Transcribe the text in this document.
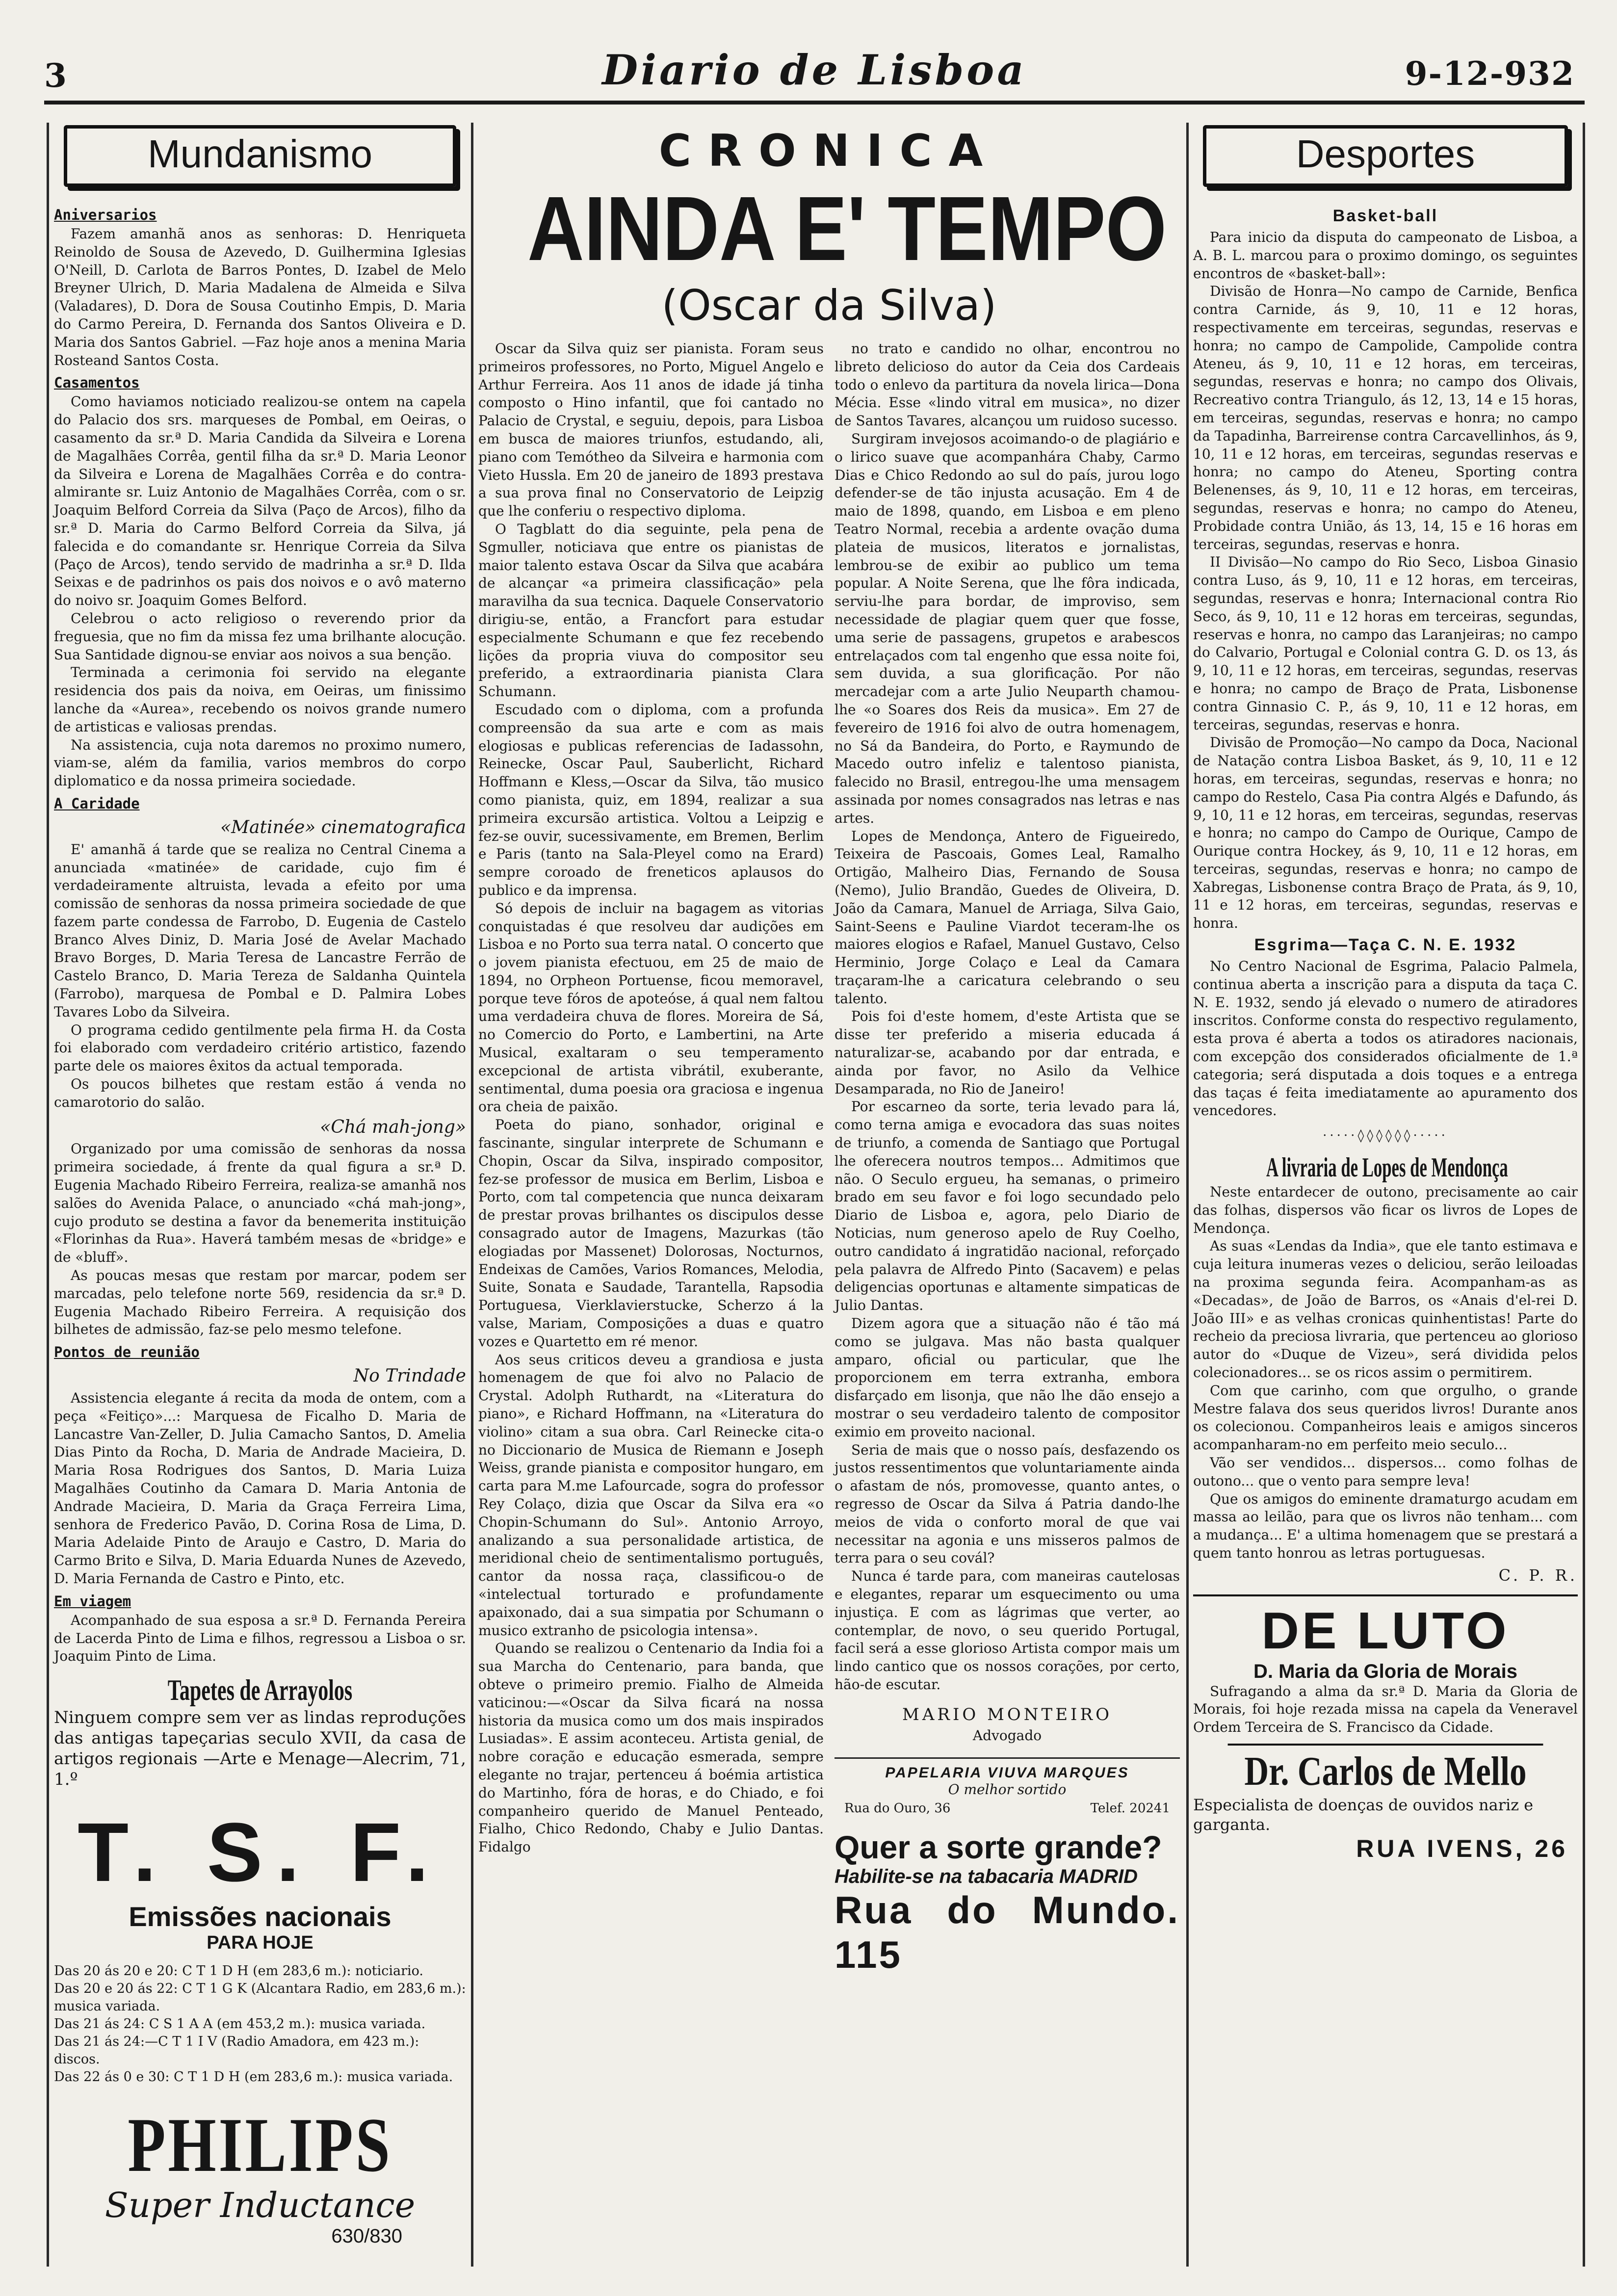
3	Diario de Lisboa	9-12-932
Mundanismo
Aniversarios

Fazem amanhã anos as senhoras: D. Henriqueta Reinoldo de Sousa de Azevedo, D. Guilhermina Iglesias O'Neill, D. Carlota de Barros Pontes, D. Izabel de Melo Breyner Ulrich, D. Maria Madalena de Almeida e Silva (Valadares), D. Dora de Sousa Coutinho Empis, D. Maria do Carmo Pereira, D. Fernanda dos Santos Oliveira e D. Maria dos Santos Gabriel. —Faz hoje anos a menina Maria Rosteand Santos Costa.

Casamentos

Como haviamos noticiado realizou-se ontem na capela do Palacio dos srs. marqueses de Pombal, em Oeiras, o casamento da sr.ª D. Maria Candida da Silveira e Lorena de Magalhães Corrêa, gentil filha da sr.ª D. Maria Leonor da Silveira e Lorena de Magalhães Corrêa e do contra-almirante sr. Luiz Antonio de Magalhães Corrêa, com o sr. Joaquim Belford Correia da Silva (Paço de Arcos), filho da sr.ª D. Maria do Carmo Belford Correia da Silva, já falecida e do comandante sr. Henrique Correia da Silva (Paço de Arcos), tendo servido de madrinha a sr.ª D. Ilda Seixas e de padrinhos os pais dos noivos e o avô materno do noivo sr. Joaquim Gomes Belford.

Celebrou o acto religioso o reverendo prior da freguesia, que no fim da missa fez uma brilhante alocução. Sua Santidade dignou-se enviar aos noivos a sua benção.

Terminada a cerimonia foi servido na elegante residencia dos pais da noiva, em Oeiras, um finissimo lanche da «Aurea», recebendo os noivos grande numero de artisticas e valiosas prendas.

Na assistencia, cuja nota daremos no proximo numero, viam-se, além da familia, varios membros do corpo diplomatico e da nossa primeira sociedade.

A Caridade
«Matinée» cinematografica

E' amanhã á tarde que se realiza no Central Cinema a anunciada «matinée» de caridade, cujo fim é verdadeiramente altruista, levada a efeito por uma comissão de senhoras da nossa primeira sociedade de que fazem parte condessa de Farrobo, D. Eugenia de Castelo Branco Alves Diniz, D. Maria José de Avelar Machado Bravo Borges, D. Maria Teresa de Lancastre Ferrão de Castelo Branco, D. Maria Tereza de Saldanha Quintela (Farrobo), marquesa de Pombal e D. Palmira Lobes Tavares Lobo da Silveira.

O programa cedido gentilmente pela firma H. da Costa foi elaborado com verdadeiro critério artistico, fazendo parte dele os maiores êxitos da actual temporada.

Os poucos bilhetes que restam estão á venda no camarotorio do salão.

«Chá mah-jong»

Organizado por uma comissão de senhoras da nossa primeira sociedade, á frente da qual figura a sr.ª D. Eugenia Machado Ribeiro Ferreira, realiza-se amanhã nos salões do Avenida Palace, o anunciado «chá mah-jong», cujo produto se destina a favor da benemerita instituição «Florinhas da Rua». Haverá também mesas de «bridge» e de «bluff».

As poucas mesas que restam por marcar, podem ser marcadas, pelo telefone norte 569, residencia da sr.ª D. Eugenia Machado Ribeiro Ferreira. A requisição dos bilhetes de admissão, faz-se pelo mesmo telefone.

Pontos de reunião
No Trindade

Assistencia elegante á recita da moda de ontem, com a peça «Feitiço»...: Marquesa de Ficalho D. Maria de Lancastre Van-Zeller, D. Julia Camacho Santos, D. Amelia Dias Pinto da Rocha, D. Maria de Andrade Macieira, D. Maria Rosa Rodrigues dos Santos, D. Maria Luiza Magalhães Coutinho da Camara D. Maria Antonia de Andrade Macieira, D. Maria da Graça Ferreira Lima, senhora de Frederico Pavão, D. Corina Rosa de Lima, D. Maria Adelaide Pinto de Araujo e Castro, D. Maria do Carmo Brito e Silva, D. Maria Eduarda Nunes de Azevedo, D. Maria Fernanda de Castro e Pinto, etc.

Em viagem

Acompanhado de sua esposa a sr.ª D. Fernanda Pereira de Lacerda Pinto de Lima e filhos, regressou a Lisboa o sr. Joaquim Pinto de Lima.

Tapetes de Arrayolos
Ninguem compre sem ver as lindas reproduções das antigas tapeçarias seculo XVII, da casa de artigos regionais —Arte e Menage—Alecrim, 71, 1.º
T. S. F.
Emissões nacionais
PARA HOJE
Das 20 ás 20 e 20: C T 1 D H (em 283,6 m.): noticiario.
Das 20 e 20 ás 22: C T 1 G K (Alcantara Radio, em 283,6 m.): musica variada.
Das 21 ás 24: C S 1 A A (em 453,2 m.): musica variada.
Das 21 ás 24:—C T 1 I V (Radio Amadora, em 423 m.): discos.
Das 22 ás 0 e 30: C T 1 D H (em 283,6 m.): musica variada.
PHILIPS
Super Inductance
630/830
CRONICA
AINDA E' TEMPO
(Oscar da Silva)

Oscar da Silva quiz ser pianista. Foram seus primeiros professores, no Porto, Miguel Angelo e Arthur Ferreira. Aos 11 anos de idade já tinha composto o Hino infantil, que foi cantado no Palacio de Crystal, e seguiu, depois, para Lisboa em busca de maiores triunfos, estudando, ali, piano com Temótheo da Silveira e harmonia com Vieto Hussla. Em 20 de janeiro de 1893 prestava a sua prova final no Conservatorio de Leipzig que lhe conferiu o respectivo diploma.

O Tagblatt do dia seguinte, pela pena de Sgmuller, noticiava que entre os pianistas de maior talento estava Oscar da Silva que acabára de alcançar «a primeira classificação» pela maravilha da sua tecnica. Daquele Conservatorio dirigiu-se, então, a Francfort para estudar especialmente Schumann e que fez recebendo lições da propria viuva do compositor seu preferido, a extraordinaria pianista Clara Schumann.

Escudado com o diploma, com a profunda compreensão da sua arte e com as mais elogiosas e publicas referencias de Iadassohn, Reinecke, Oscar Paul, Sauberlicht, Richard Hoffmann e Kless,—Oscar da Silva, tão musico como pianista, quiz, em 1894, realizar a sua primeira excursão artistica. Voltou a Leipzig e fez-se ouvir, sucessivamente, em Bremen, Berlim e Paris (tanto na Sala-Pleyel como na Erard) sempre coroado de freneticos aplausos do publico e da imprensa.

Só depois de incluir na bagagem as vitorias conquistadas é que resolveu dar audições em Lisboa e no Porto sua terra natal. O concerto que o jovem pianista efectuou, em 25 de maio de 1894, no Orpheon Portuense, ficou memoravel, porque teve fóros de apoteóse, á qual nem faltou uma verdadeira chuva de flores. Moreira de Sá, no Comercio do Porto, e Lambertini, na Arte Musical, exaltaram o seu temperamento excepcional de artista vibrátil, exuberante, sentimental, duma poesia ora graciosa e ingenua ora cheia de paixão.

Poeta do piano, sonhador, original e fascinante, singular interprete de Schumann e Chopin, Oscar da Silva, inspirado compositor, fez-se professor de musica em Berlim, Lisboa e Porto, com tal competencia que nunca deixaram de prestar provas brilhantes os discipulos desse consagrado autor de Imagens, Mazurkas (tão elogiadas por Massenet) Dolorosas, Nocturnos, Endeixas de Camões, Varios Romances, Melodia, Suite, Sonata e Saudade, Tarantella, Rapsodia Portuguesa, Vierklavierstucke, Scherzo á la valse, Mariam, Composições a duas e quatro vozes e Quartetto em ré menor.

Aos seus criticos deveu a grandiosa e justa homenagem de que foi alvo no Palacio de Crystal. Adolph Ruthardt, na «Literatura do piano», e Richard Hoffmann, na «Literatura do violino» citam a sua obra. Carl Reinecke cita-o no Diccionario de Musica de Riemann e Joseph Weiss, grande pianista e compositor hungaro, em carta para M.me Lafourcade, sogra do professor Rey Colaço, dizia que Oscar da Silva era «o Chopin-Schumann do Sul». Antonio Arroyo, analizando a sua personalidade artistica, de meridional cheio de sentimentalismo português, cantor da nossa raça, classificou-o de «intelectual torturado e profundamente apaixonado, dai a sua simpatia por Schumann o musico extranho de psicologia intensa».

Quando se realizou o Centenario da India foi a sua Marcha do Centenario, para banda, que obteve o primeiro premio. Fialho de Almeida vaticinou:—«Oscar da Silva ficará na nossa historia da musica como um dos mais inspirados Lusiadas». E assim aconteceu. Artista genial, de nobre coração e educação esmerada, sempre elegante no trajar, pertenceu á boémia artistica do Martinho, fóra de horas, e do Chiado, e foi companheiro querido de Manuel Penteado, Fialho, Chico Redondo, Chaby e Julio Dantas. Fidalgo

no trato e candido no olhar, encontrou no libreto delicioso do autor da Ceia dos Cardeais todo o enlevo da partitura da novela lirica—Dona Mécia. Esse «lindo vitral em musica», no dizer de Santos Tavares, alcançou um ruidoso sucesso.

Surgiram invejosos acoimando-o de plagiário e o lirico suave que acompanhára Chaby, Carmo Dias e Chico Redondo ao sul do país, jurou logo defender-se de tão injusta acusação. Em 4 de maio de 1898, quando, em Lisboa e em pleno Teatro Normal, recebia a ardente ovação duma plateia de musicos, literatos e jornalistas, lembrou-se de exibir ao publico um tema popular. A Noite Serena, que lhe fôra indicada, serviu-lhe para bordar, de improviso, sem necessidade de plagiar quem quer que fosse, uma serie de passagens, grupetos e arabescos entrelaçados com tal engenho que essa noite foi, sem duvida, a sua glorificação. Por não mercadejar com a arte Julio Neuparth chamou-lhe «o Soares dos Reis da musica». Em 27 de fevereiro de 1916 foi alvo de outra homenagem, no Sá da Bandeira, do Porto, e Raymundo de Macedo outro infeliz e talentoso pianista, falecido no Brasil, entregou-lhe uma mensagem assinada por nomes consagrados nas letras e nas artes.

Lopes de Mendonça, Antero de Figueiredo, Teixeira de Pascoais, Gomes Leal, Ramalho Ortigão, Malheiro Dias, Fernando de Sousa (Nemo), Julio Brandão, Guedes de Oliveira, D. João da Camara, Manuel de Arriaga, Silva Gaio, Saint-Seens e Pauline Viardot teceram-lhe os maiores elogios e Rafael, Manuel Gustavo, Celso Herminio, Jorge Colaço e Leal da Camara traçaram-lhe a caricatura celebrando o seu talento.

Pois foi d'este homem, d'este Artista que se disse ter preferido a miseria educada á naturalizar-se, acabando por dar entrada, e ainda por favor, no Asilo da Velhice Desamparada, no Rio de Janeiro!

Por escarneo da sorte, teria levado para lá, como terna amiga e evocadora das suas noites de triunfo, a comenda de Santiago que Portugal lhe oferecera noutros tempos... Admitimos que não. O Seculo ergueu, ha semanas, o primeiro brado em seu favor e foi logo secundado pelo Diario de Lisboa e, agora, pelo Diario de Noticias, num generoso apelo de Ruy Coelho, outro candidato á ingratidão nacional, reforçado pela palavra de Alfredo Pinto (Sacavem) e pelas deligencias oportunas e altamente simpaticas de Julio Dantas.

Dizem agora que a situação não é tão má como se julgava. Mas não basta qualquer amparo, oficial ou particular, que lhe proporcionem em terra extranha, embora disfarçado em lisonja, que não lhe dão ensejo a mostrar o seu verdadeiro talento de compositor eximio em proveito nacional.

Seria de mais que o nosso país, desfazendo os justos ressentimentos que voluntariamente ainda o afastam de nós, promovesse, quanto antes, o regresso de Oscar da Silva á Patria dando-lhe meios de vida o conforto moral de que vai necessitar na agonia e uns misseros palmos de terra para o seu covál?

Nunca é tarde para, com maneiras cautelosas e elegantes, reparar um esquecimento ou uma injustiça. E com as lágrimas que verter, ao contemplar, de novo, o seu querido Portugal, facil será a esse glorioso Artista compor mais um lindo cantico que os nossos corações, por certo, hão-de escutar.

MARIO MONTEIRO
Advogado
PAPELARIA VIUVA MARQUES
O melhor sortido
Rua do Ouro, 36	Telef. 20241
Quer a sorte grande?
Habilite-se na tabacaria MADRID
Rua do Mundo. 115
Desportes
Basket-ball

Para inicio da disputa do campeonato de Lisboa, a A. B. L. marcou para o proximo domingo, os seguintes encontros de «basket-ball»:

Divisão de Honra—No campo de Carnide, Benfica contra Carnide, ás 9, 10, 11 e 12 horas, respectivamente em terceiras, segundas, reservas e honra; no campo de Campolide, Campolide contra Ateneu, ás 9, 10, 11 e 12 horas, em terceiras, segundas, reservas e honra; no campo dos Olivais, Recreativo contra Triangulo, ás 12, 13, 14 e 15 horas, em terceiras, segundas, reservas e honra; no campo da Tapadinha, Barreirense contra Carcavellinhos, ás 9, 10, 11 e 12 horas, em terceiras, segundas reservas e honra; no campo do Ateneu, Sporting contra Belenenses, ás 9, 10, 11 e 12 horas, em terceiras, segundas, reservas e honra; no campo do Ateneu, Probidade contra União, ás 13, 14, 15 e 16 horas em terceiras, segundas, reservas e honra.

II Divisão—No campo do Rio Seco, Lisboa Ginasio contra Luso, ás 9, 10, 11 e 12 horas, em terceiras, segundas, reservas e honra; Internacional contra Rio Seco, ás 9, 10, 11 e 12 horas em terceiras, segundas, reservas e honra, no campo das Laranjeiras; no campo do Calvario, Portugal e Colonial contra G. D. os 13, ás 9, 10, 11 e 12 horas, em terceiras, segundas, reservas e honra; no campo de Braço de Prata, Lisbonense contra Ginnasio C. P., ás 9, 10, 11 e 12 horas, em terceiras, segundas, reservas e honra.

Divisão de Promoção—No campo da Doca, Nacional de Natação contra Lisboa Basket, ás 9, 10, 11 e 12 horas, em terceiras, segundas, reservas e honra; no campo do Restelo, Casa Pia contra Algés e Dafundo, ás 9, 10, 11 e 12 horas, em terceiras, segundas, reservas e honra; no campo do Campo de Ourique, Campo de Ourique contra Hockey, ás 9, 10, 11 e 12 horas, em terceiras, segundas, reservas e honra; no campo de Xabregas, Lisbonense contra Braço de Prata, ás 9, 10, 11 e 12 horas, em terceiras, segundas, reservas e honra.

Esgrima—Taça C. N. E. 1932

No Centro Nacional de Esgrima, Palacio Palmela, continua aberta a inscrição para a disputa da taça C. N. E. 1932, sendo já elevado o numero de atiradores inscritos. Conforme consta do respectivo regulamento, esta prova é aberta a todos os atiradores nacionais, com excepção dos considerados oficialmente de 1.ª categoria; será disputada a dois toques e a entrega das taças é feita imediatamente ao apuramento dos vencedores.

·····◊◊◊◊◊◊·····
A livraria de Lopes de Mendonça

Neste entardecer de outono, precisamente ao cair das folhas, dispersos vão ficar os livros de Lopes de Mendonça.

As suas «Lendas da India», que ele tanto estimava e cuja leitura inumeras vezes o deliciou, serão leiloadas na proxima segunda feira. Acompanham-as as «Decadas», de João de Barros, os «Anais d'el-rei D. João III» e as velhas cronicas quinhentistas! Parte do recheio da preciosa livraria, que pertenceu ao glorioso autor do «Duque de Vizeu», será dividida pelos colecionadores... se os ricos assim o permitirem.

Com que carinho, com que orgulho, o grande Mestre falava dos seus queridos livros! Durante anos os colecionou. Companheiros leais e amigos sinceros acompanharam-no em perfeito meio seculo...

Vão ser vendidos... dispersos... como folhas de outono... que o vento para sempre leva!

Que os amigos do eminente dramaturgo acudam em massa ao leilão, para que os livros não tenham... com a mudança... E' a ultima homenagem que se prestará a quem tanto honrou as letras portuguesas.

C. P. R.
DE LUTO
D. Maria da Gloria de Morais

Sufragando a alma da sr.ª D. Maria da Gloria de Morais, foi hoje rezada missa na capela da Veneravel Ordem Terceira de S. Francisco da Cidade.

Dr. Carlos de Mello
Especialista de doenças de ouvidos nariz e garganta.
RUA IVENS, 26
